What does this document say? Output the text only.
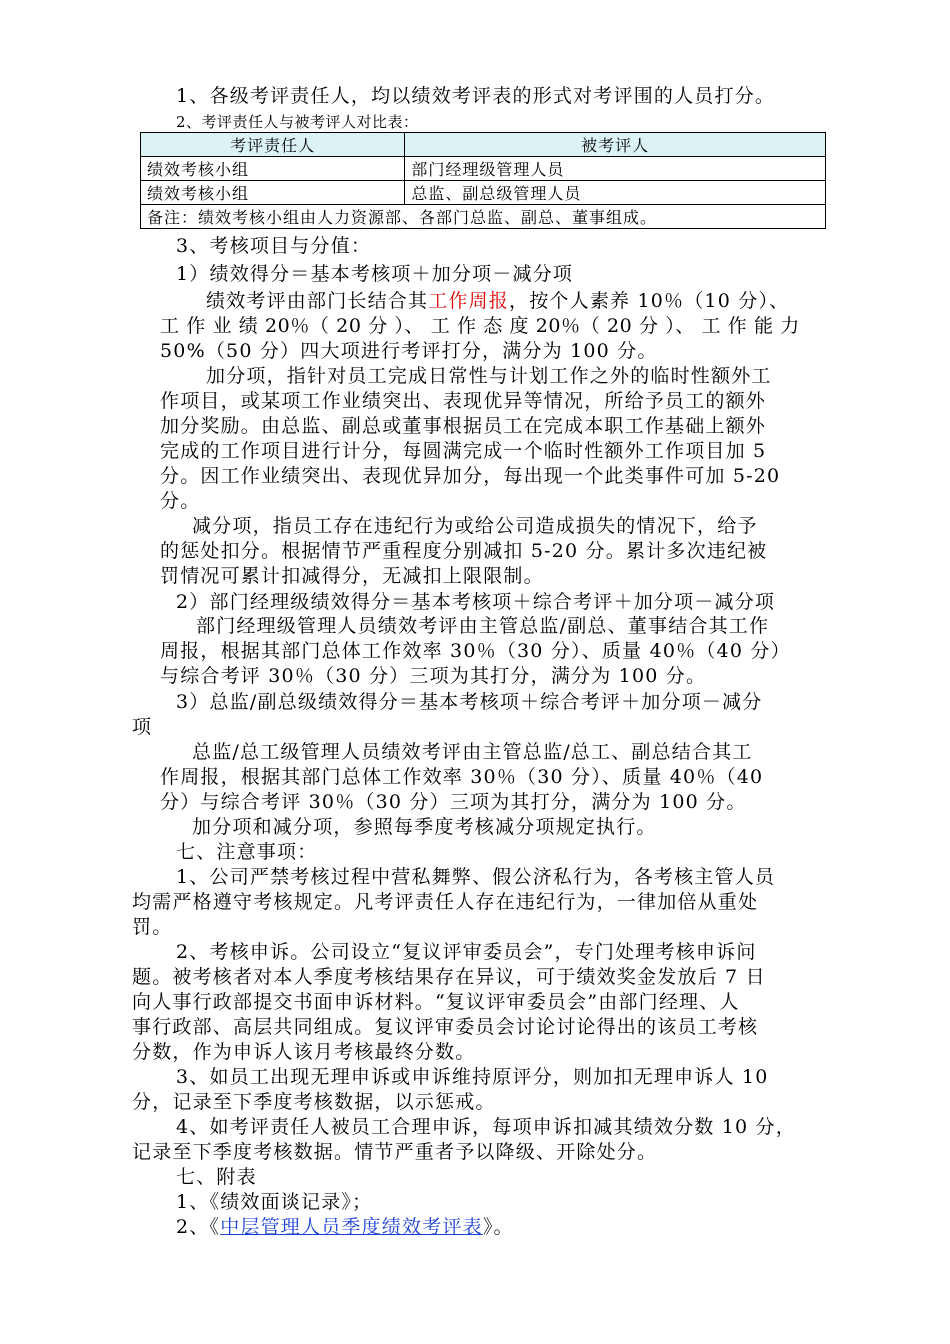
1、各级考评责任人，均以绩效考评表的形式对考评围的人员打分。
2、考评责任人与被考评人对比表：
考评责任人	被考评人
绩效考核小组	部门经理级管理人员
绩效考核小组	总监、副总级管理人员
备注：绩效考核小组由人力资源部、各部门总监、副总、董事组成。	
3、考核项目与分值：
1）绩效得分＝基本考核项＋加分项－减分项
绩效考评由部门长结合其工作周报，按个人素养 10％（10 分）、
工 作 业 绩 20％（ 20 分 ）、 工 作 态 度 20％（ 20 分 ）、 工 作 能 力
50%（50 分）四大项进行考评打分，满分为 100 分。
加分项，指针对员工完成日常性与计划工作之外的临时性额外工
作项目，或某项工作业绩突出、表现优异等情况，所给予员工的额外
加分奖励。由总监、副总或董事根据员工在完成本职工作基础上额外
完成的工作项目进行计分，每圆满完成一个临时性额外工作项目加 5
分。因工作业绩突出、表现优异加分，每出现一个此类事件可加 5-20
分。
减分项，指员工存在违纪行为或给公司造成损失的情况下，给予
的惩处扣分。根据情节严重程度分别减扣 5-20 分。累计多次违纪被
罚情况可累计扣减得分，无减扣上限限制。
2）部门经理级绩效得分＝基本考核项＋综合考评＋加分项－减分项
部门经理级管理人员绩效考评由主管总监/副总、董事结合其工作
周报，根据其部门总体工作效率 30％（30 分）、质量 40％（40 分）
与综合考评 30％（30 分）三项为其打分，满分为 100 分。
3）总监/副总级绩效得分＝基本考核项＋综合考评＋加分项－减分
项
总监/总工级管理人员绩效考评由主管总监/总工、副总结合其工
作周报，根据其部门总体工作效率 30％（30 分）、质量 40％（40
分）与综合考评 30％（30 分）三项为其打分，满分为 100 分。
加分项和减分项，参照每季度考核减分项规定执行。
七、注意事项：
1、公司严禁考核过程中营私舞弊、假公济私行为，各考核主管人员
均需严格遵守考核规定。凡考评责任人存在违纪行为，一律加倍从重处
罚。
2、考核申诉。公司设立“复议评审委员会”，专门处理考核申诉问
题。被考核者对本人季度考核结果存在异议，可于绩效奖金发放后 7 日
向人事行政部提交书面申诉材料。“复议评审委员会”由部门经理、人
事行政部、高层共同组成。复议评审委员会讨论讨论得出的该员工考核
分数，作为申诉人该月考核最终分数。
3、如员工出现无理申诉或申诉维持原评分，则加扣无理申诉人 10
分，记录至下季度考核数据，以示惩戒。
4、如考评责任人被员工合理申诉，每项申诉扣减其绩效分数 10 分，
记录至下季度考核数据。情节严重者予以降级、开除处分。
七、附表
1、《绩效面谈记录》；
2、《中层管理人员季度绩效考评表》。
